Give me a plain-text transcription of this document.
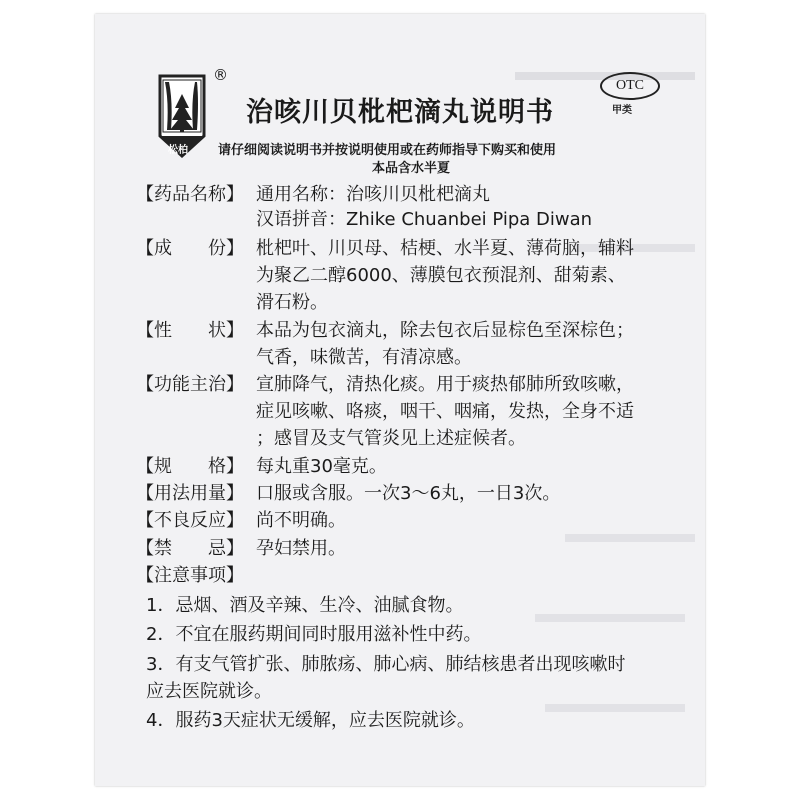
松柏
®
OTC
甲类
治咳川贝枇杷滴丸说明书
请仔细阅读说明书并按说明使用或在药师指导下购买和使用
本品含水半夏
【药品名称】 通用名称：治咳川贝枇杷滴丸
汉语拼音：Zhike Chuanbei Pipa Diwan
【成　　份】 枇杷叶、川贝母、桔梗、水半夏、薄荷脑，辅料
为聚乙二醇6000、薄膜包衣预混剂、甜菊素、
滑石粉。
【性　　状】 本品为包衣滴丸，除去包衣后显棕色至深棕色；
气香，味微苦，有清凉感。
【功能主治】 宣肺降气，清热化痰。用于痰热郁肺所致咳嗽，
症见咳嗽、咯痰，咽干、咽痛，发热，全身不适
；感冒及支气管炎见上述症候者。
【规　　格】 每丸重30毫克。
【用法用量】 口服或含服。一次3～6丸，一日3次。
【不良反应】 尚不明确。
【禁　　忌】 孕妇禁用。
【注意事项】
1．忌烟、酒及辛辣、生冷、油腻食物。
2．不宜在服药期间同时服用滋补性中药。
3．有支气管扩张、肺脓疡、肺心病、肺结核患者出现咳嗽时
应去医院就诊。
4．服药3天症状无缓解，应去医院就诊。
